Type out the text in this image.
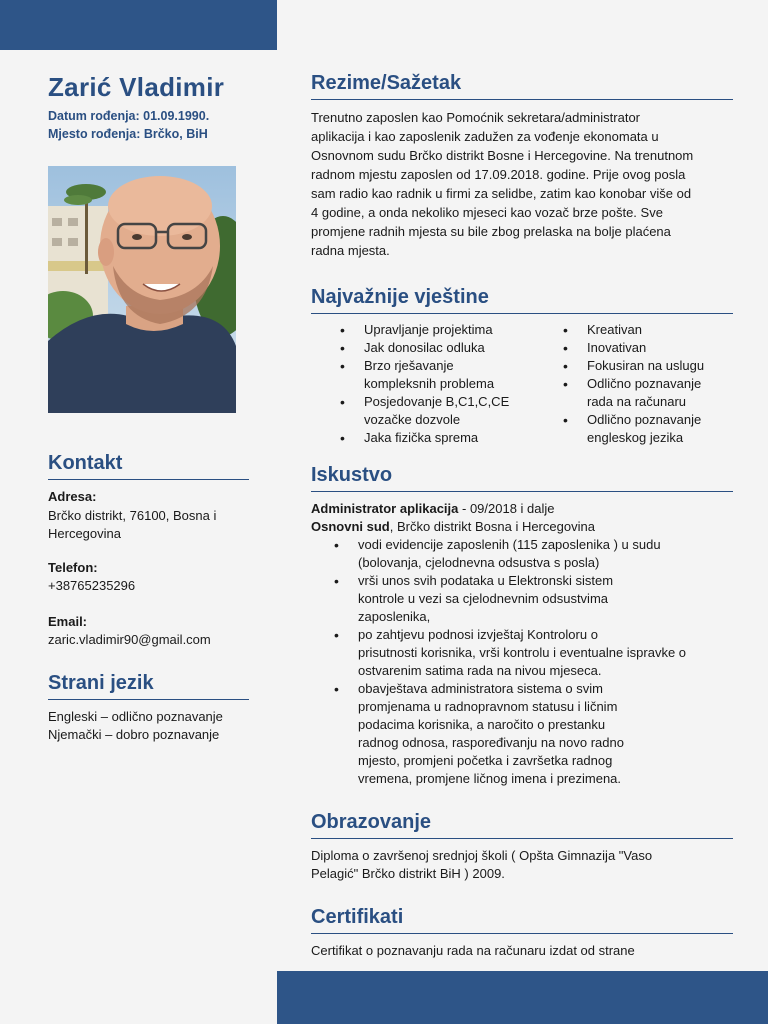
Zarić Vladimir
Datum rođenja: 01.09.1990.
Mjesto rođenja: Brčko, BiH
Kontakt
Adresa:
Brčko distrikt, 76100, Bosna i
Hercegovina
Telefon:
+38765235296
Email:
zaric.vladimir90@gmail.com
Strani jezik
Engleski – odlično poznavanje
Njemački – dobro poznavanje
Rezime/Sažetak
Trenutno zaposlen kao Pomoćnik sekretara/administrator
aplikacija i kao zaposlenik zadužen za vođenje ekonomata u
Osnovnom sudu Brčko distrikt Bosne i Hercegovine. Na trenutnom
radnom mjestu zaposlen od 17.09.2018. godine. Prije ovog posla
sam radio kao radnik u firmi za selidbe, zatim kao konobar više od
4 godine, a onda nekoliko mjeseci kao vozač brze pošte. Sve
promjene radnih mjesta su bile zbog prelaska na bolje plaćena
radna mjesta.
Najvažnije vještine
• Upravljanje projektima
• Jak donosilac odluka
• Brzo rješavanje
kompleksnih problema
• Posjedovanje B,C1,C,CE
vozačke dozvole
• Jaka fizička sprema
• Kreativan
• Inovativan
• Fokusiran na uslugu
• Odlično poznavanje
rada na računaru
• Odlično poznavanje
engleskog jezika
Iskustvo
Administrator aplikacija - 09/2018 i dalje
Osnovni sud, Brčko distrikt Bosna i Hercegovina
• vodi evidencije zaposlenih (115 zaposlenika ) u sudu
(bolovanja, cjelodnevna odsustva s posla)
• vrši unos svih podataka u Elektronski sistem
kontrole u vezi sa cjelodnevnim odsustvima
zaposlenika,
• po zahtjevu podnosi izvještaj Kontroloru o
prisutnosti korisnika, vrši kontrolu i eventualne ispravke o
ostvarenim satima rada na nivou mjeseca.
• obavještava administratora sistema o svim
promjenama u radnopravnom statusu i ličnim
podacima korisnika, a naročito o prestanku
radnog odnosa, raspoređivanju na novo radno
mjesto, promjeni početka i završetka radnog
vremena, promjene ličnog imena i prezimena.
Obrazovanje
Diploma o završenoj srednjoj školi ( Opšta Gimnazija "Vaso
Pelagić" Brčko distrikt BiH ) 2009.
Certifikati
Certifikat o poznavanju rada na računaru izdat od strane
